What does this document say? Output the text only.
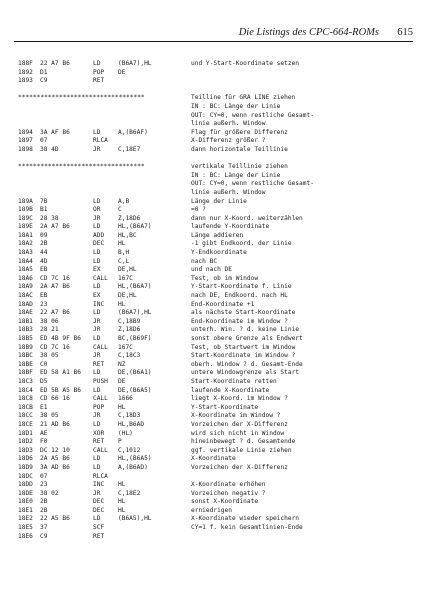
Die Listings des CPC-664-ROMs 615
188F 22 A7 B6	LD	(B6A7),HL	und Y-Start-Koordinate setzen
1892 D1	POP DE
1893 C9	RET
**********************************	Teilline für GRA LINE ziehen
IN : BC: Länge der Linie
OUT: CY=0, wenn restliche Gesamt-
linie außerh. Window
1894 3A AF B6	LD	A,(B6AF)	Flag für größere Differenz
1897 07	RLCA	X-Differenz größer ?
1898 38 4D	JR	C,18E7	dann horizontale Teillinie
**********************************	vertikale Teillinie ziehen
IN : BC: Länge der Linie
OUT: CY=0, wenn restliche Gesamt-
linie außerh. Window
189A 7B	LD	A,B	Länge der Linie
189B B1	OR	C	=0 ?
189C 28 38	JR	Z,18D6	dann nur X-Koord. weiterzählen
189E 2A A7 B6	LD	HL,(B6A7)	laufende Y-Koordinate
18A1 09	ADD HL,BC	Länge addieren
18A2 2B	DEC HL	-1 gibt Endkoord. der Linie
18A3 44	LD	B,H	Y-Endkoordinate
18A4 4D	LD	C,L	nach BC
18A5 EB	EX	DE,HL	und nach DE
18A6 CD 7C 16	CALL 167C	Test, ob im Window
18A9 2A A7 B6	LD	HL,(B6A7)	Y-Start-Koordinate f. Linie
18AC EB	EX	DE,HL	nach DE, Endkoord. nach HL
18AD 23	INC HL	End-Koordinate +1
18AE 22 A7 B6	LD	(B6A7),HL	als nächste Start-Koordinate
18B1 38 06	JR	C,18B9	End-Koordinate im Window ?
18B3 28 21	JR	Z,18D6	unterh. Win. ? d. keine Linie
18B5 ED 4B 9F B6 LD	BC,(B69F)	sonst obere Grenze als Endwert
18B9 CD 7C 16	CALL 167C	Test, ob Startwert im Window
18BC 38 05	JR	C,18C3	Start-Koordinate im Window ?
18BE C0	RET NZ	oberh. Window ? d. Gesamt-Ende
18BF ED 58 A1 B6 LD	DE,(B6A1)	untere Windowgrenze als Start
18C3 D5	PUSH DE	Start-Koordinate retten
18C4 ED 5B A5 B6 LD	DE,(B6A5)	laufende X-Koordinate
18C8 CD 66 16	CALL 1666	liegt X-Koord. im Window ?
18CB E1	POP HL	Y-Start-Koordinate
18CC 38 05	JR	C,18D3	X-Koordinate im Window ?
18CE 21 AD B6	LD	HL,B6AD	Vorzeichen der X-Differenz
18D1 AE	XOR (HL)	wird sich nicht in Window
18D2 F0	RET P	hineinbewegt ? d. Gesamtende
18D3 DC 12 10	CALL C,1012	ggf. vertikale Linie ziehen
18D6 2A A5 B6	LD	HL,(B6A5)	X-Koordinate
18D9 3A AD B6	LD	A,(B6AD)	Vorzeichen der X-Differenz
18DC 07	RLCA
18DD 23	INC HL	X-Koordinate erhöhen
18DE 38 02	JR	C,18E2	Vorzeichen negativ ?
18E0 2B	DEC HL	sonst X-Koordinate
18E1 2B	DEC HL	erniedrigen
18E2 22 A5 B6	LD	(B6A5),HL	X-Koordinate wieder speichern
18E5 37	SCF	CY=1 f. kein Gesamtlinien-Ende
18E6 C9	RET
